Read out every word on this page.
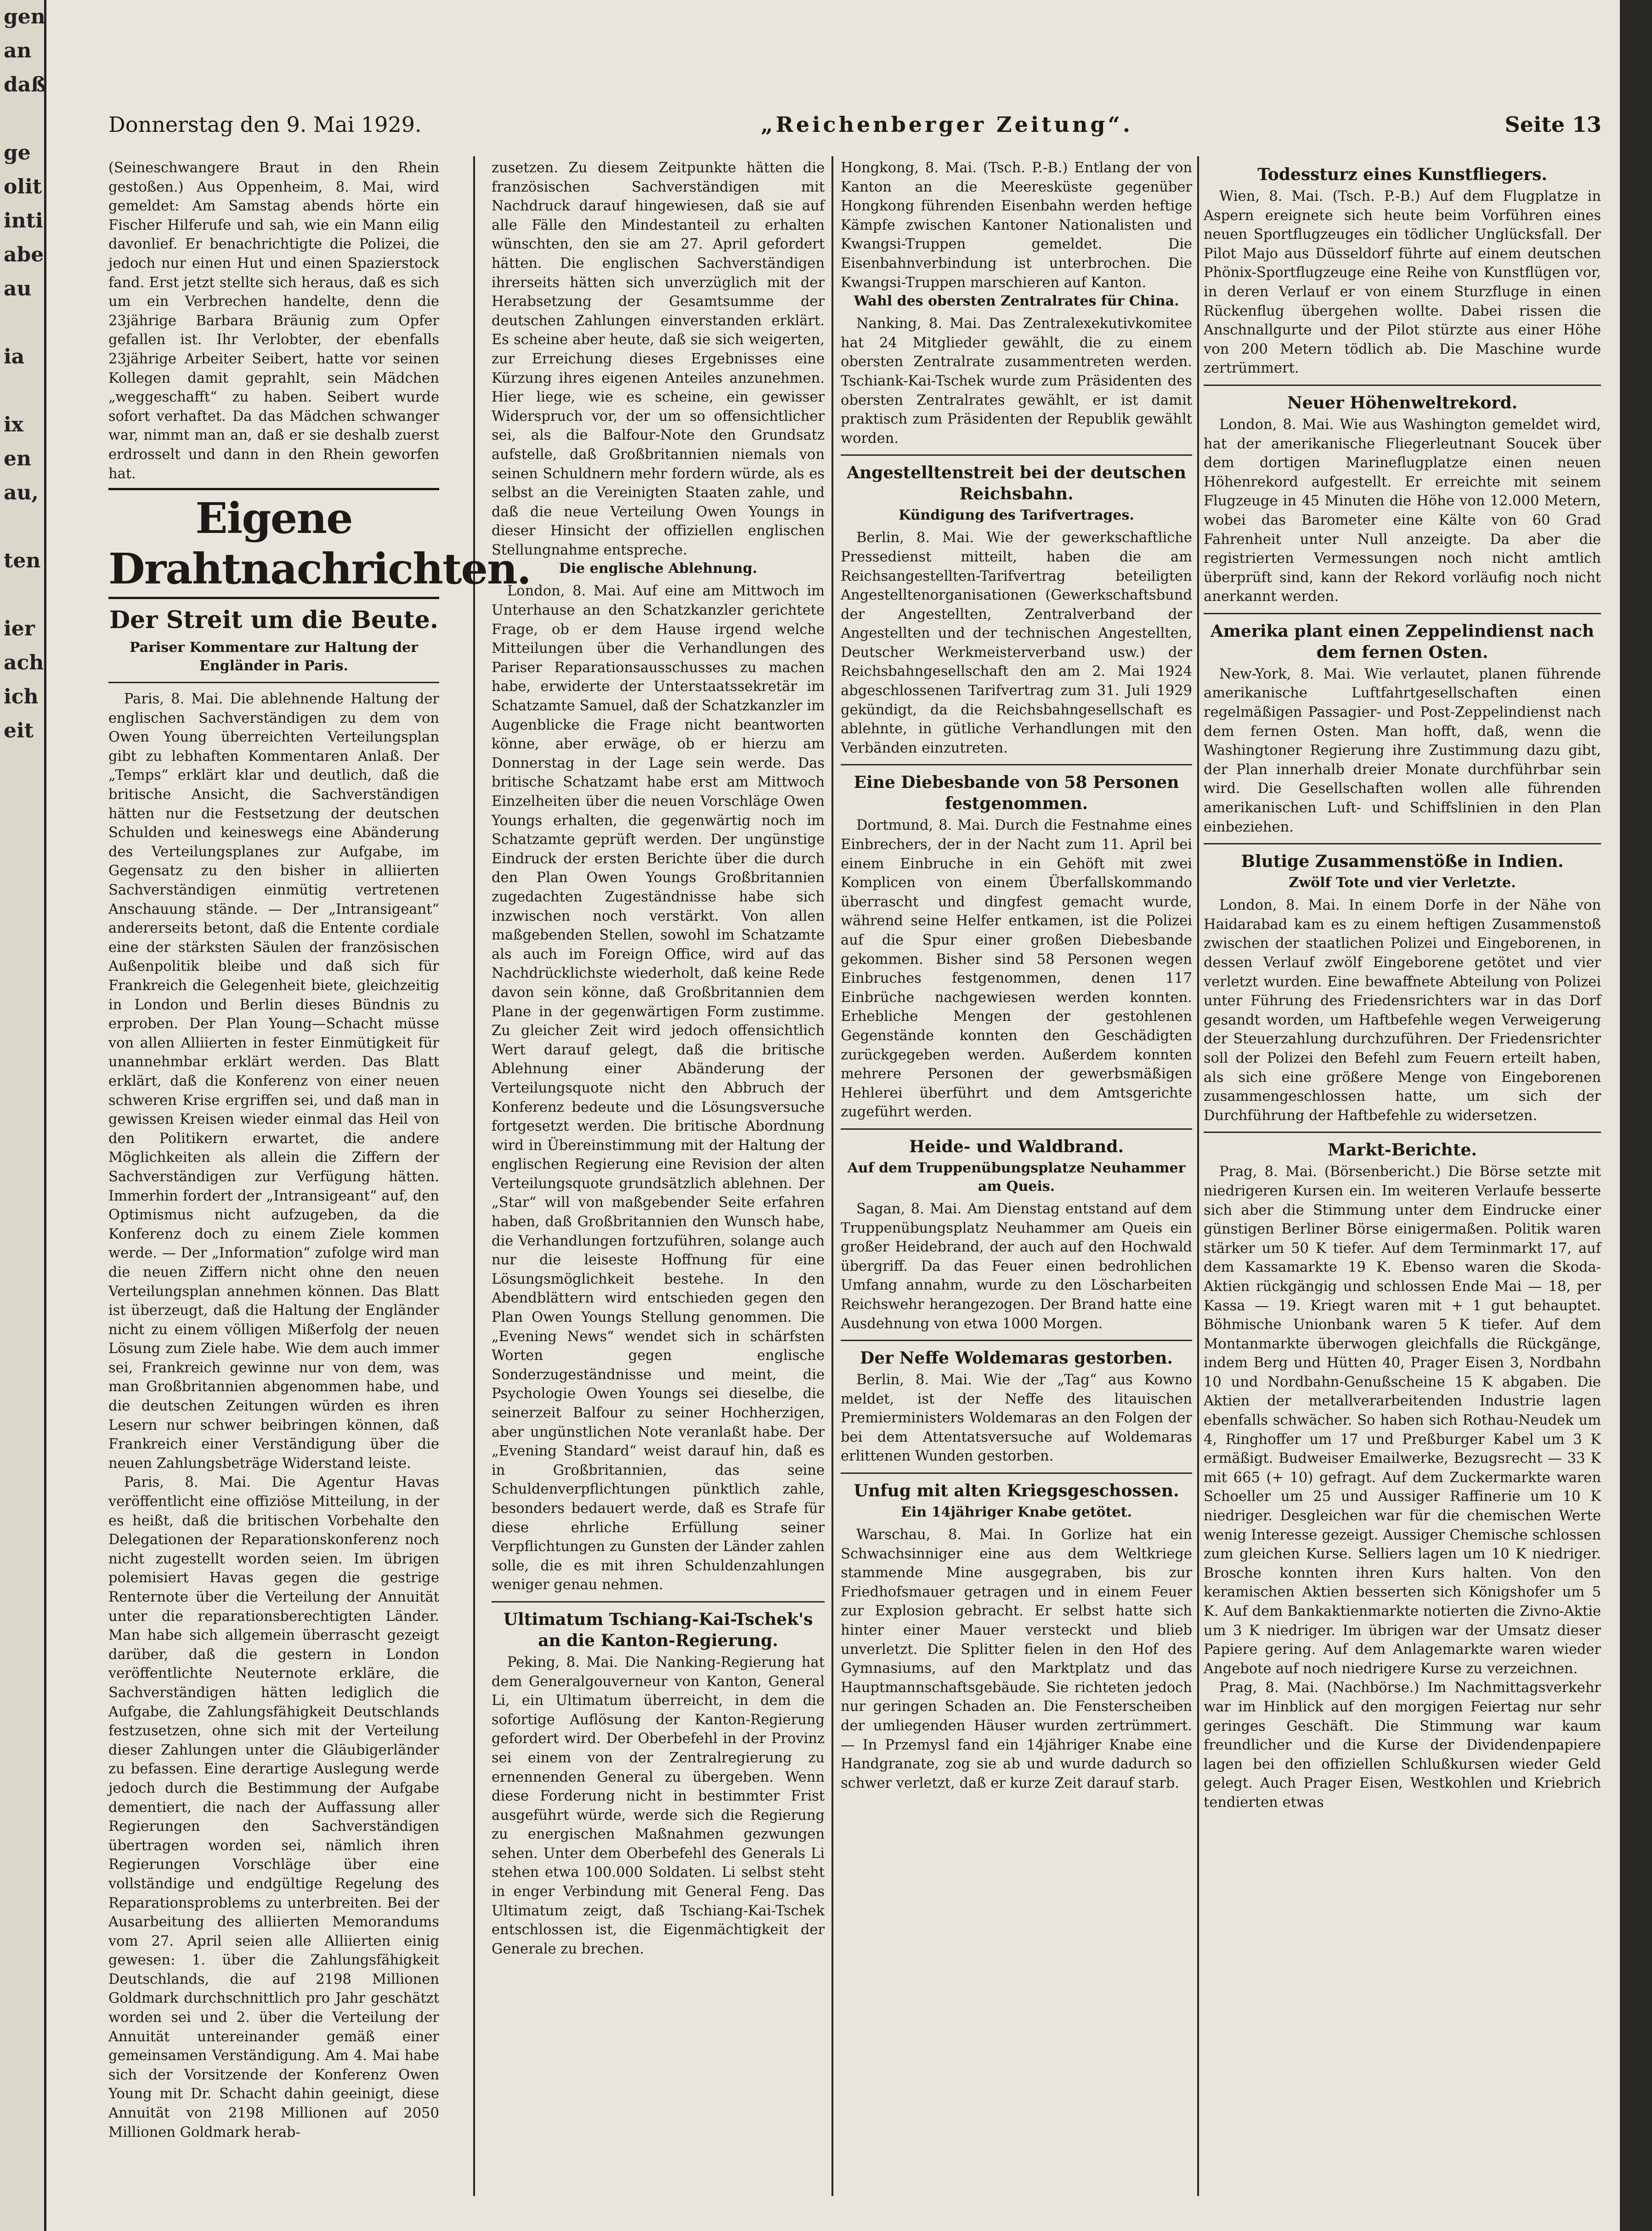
gen
an
daß

ge
olit
inti
abe
au

ia

ix
en
au,

ten

ier
ach
ich
eit
Donnerstag den 9. Mai 1929.	„Reichenberger Zeitung“.	Seite 13

(Seineschwangere Braut in den Rhein gestoßen.) Aus Oppenheim, 8. Mai, wird gemeldet: Am Samstag abends hörte ein Fischer Hilferufe und sah, wie ein Mann eilig davonlief. Er benachrichtigte die Polizei, die jedoch nur einen Hut und einen Spazierstock fand. Erst jetzt stellte sich heraus, daß es sich um ein Verbrechen handelte, denn die 23jährige Barbara Bräunig zum Opfer gefallen ist. Ihr Verlobter, der ebenfalls 23jährige Arbeiter Seibert, hatte vor seinen Kollegen damit geprahlt, sein Mädchen „weggeschafft“ zu haben. Seibert wurde sofort verhaftet. Da das Mädchen schwanger war, nimmt man an, daß er sie deshalb zuerst erdrosselt und dann in den Rhein geworfen hat.

Eigene Drahtnachrichten.
Der Streit um die Beute.
Pariser Kommentare zur Haltung der Engländer in Paris.

Paris, 8. Mai. Die ablehnende Haltung der englischen Sachverständigen zu dem von Owen Young überreichten Verteilungsplan gibt zu lebhaften Kommentaren Anlaß. Der „Temps“ erklärt klar und deutlich, daß die britische Ansicht, die Sachverständigen hätten nur die Festsetzung der deutschen Schulden und keineswegs eine Abänderung des Verteilungsplanes zur Aufgabe, im Gegensatz zu den bisher in alliierten Sachverständigen einmütig vertretenen Anschauung stände. — Der „Intransigeant“ andererseits betont, daß die Entente cordiale eine der stärksten Säulen der französischen Außenpolitik bleibe und daß sich für Frankreich die Gelegenheit biete, gleichzeitig in London und Berlin dieses Bündnis zu erproben. Der Plan Young—Schacht müsse von allen Alliierten in fester Einmütigkeit für unannehmbar erklärt werden. Das Blatt erklärt, daß die Konferenz von einer neuen schweren Krise ergriffen sei, und daß man in gewissen Kreisen wieder einmal das Heil von den Politikern erwartet, die andere Möglichkeiten als allein die Ziffern der Sachverständigen zur Verfügung hätten. Immerhin fordert der „Intransigeant“ auf, den Optimismus nicht aufzugeben, da die Konferenz doch zu einem Ziele kommen werde. — Der „Information“ zufolge wird man die neuen Ziffern nicht ohne den neuen Verteilungsplan annehmen können. Das Blatt ist überzeugt, daß die Haltung der Engländer nicht zu einem völligen Mißerfolg der neuen Lösung zum Ziele habe. Wie dem auch immer sei, Frankreich gewinne nur von dem, was man Großbritannien abgenommen habe, und die deutschen Zeitungen würden es ihren Lesern nur schwer beibringen können, daß Frankreich einer Verständigung über die neuen Zahlungsbeträge Widerstand leiste.

Paris, 8. Mai. Die Agentur Havas veröffentlicht eine offiziöse Mitteilung, in der es heißt, daß die britischen Vorbehalte den Delegationen der Reparationskonferenz noch nicht zugestellt worden seien. Im übrigen polemisiert Havas gegen die gestrige Renternote über die Verteilung der Annuität unter die reparationsberechtigten Länder. Man habe sich allgemein überrascht gezeigt darüber, daß die gestern in London veröffentlichte Neuternote erkläre, die Sachverständigen hätten lediglich die Aufgabe, die Zahlungsfähigkeit Deutschlands festzusetzen, ohne sich mit der Verteilung dieser Zahlungen unter die Gläubigerländer zu befassen. Eine derartige Auslegung werde jedoch durch die Bestimmung der Aufgabe dementiert, die nach der Auffassung aller Regierungen den Sachverständigen übertragen worden sei, nämlich ihren Regierungen Vorschläge über eine vollständige und endgültige Regelung des Reparationsproblems zu unterbreiten. Bei der Ausarbeitung des alliierten Memorandums vom 27. April seien alle Alliierten einig gewesen: 1. über die Zahlungsfähigkeit Deutschlands, die auf 2198 Millionen Goldmark durchschnittlich pro Jahr geschätzt worden sei und 2. über die Verteilung der Annuität untereinander gemäß einer gemeinsamen Verständigung. Am 4. Mai habe sich der Vorsitzende der Konferenz Owen Young mit Dr. Schacht dahin geeinigt, diese Annuität von 2198 Millionen auf 2050 Millionen Goldmark herab-

zusetzen. Zu diesem Zeitpunkte hätten die französischen Sachverständigen mit Nachdruck darauf hingewiesen, daß sie auf alle Fälle den Mindestanteil zu erhalten wünschten, den sie am 27. April gefordert hätten. Die englischen Sachverständigen ihrerseits hätten sich unverzüglich mit der Herabsetzung der Gesamtsumme der deutschen Zahlungen einverstanden erklärt. Es scheine aber heute, daß sie sich weigerten, zur Erreichung dieses Ergebnisses eine Kürzung ihres eigenen Anteiles anzunehmen. Hier liege, wie es scheine, ein gewisser Widerspruch vor, der um so offensichtlicher sei, als die Balfour-Note den Grundsatz aufstelle, daß Großbritannien niemals von seinen Schuldnern mehr fordern würde, als es selbst an die Vereinigten Staaten zahle, und daß die neue Verteilung Owen Youngs in dieser Hinsicht der offiziellen englischen Stellungnahme entspreche.

Die englische Ablehnung.

London, 8. Mai. Auf eine am Mittwoch im Unterhause an den Schatzkanzler gerichtete Frage, ob er dem Hause irgend welche Mitteilungen über die Verhandlungen des Pariser Reparationsausschusses zu machen habe, erwiderte der Unterstaatssekretär im Schatzamte Samuel, daß der Schatzkanzler im Augenblicke die Frage nicht beantworten könne, aber erwäge, ob er hierzu am Donnerstag in der Lage sein werde. Das britische Schatzamt habe erst am Mittwoch Einzelheiten über die neuen Vorschläge Owen Youngs erhalten, die gegenwärtig noch im Schatzamte geprüft werden. Der ungünstige Eindruck der ersten Berichte über die durch den Plan Owen Youngs Großbritannien zugedachten Zugeständnisse habe sich inzwischen noch verstärkt. Von allen maßgebenden Stellen, sowohl im Schatzamte als auch im Foreign Office, wird auf das Nachdrücklichste wiederholt, daß keine Rede davon sein könne, daß Großbritannien dem Plane in der gegenwärtigen Form zustimme. Zu gleicher Zeit wird jedoch offensichtlich Wert darauf gelegt, daß die britische Ablehnung einer Abänderung der Verteilungsquote nicht den Abbruch der Konferenz bedeute und die Lösungsversuche fortgesetzt werden. Die britische Abordnung wird in Übereinstimmung mit der Haltung der englischen Regierung eine Revision der alten Verteilungsquote grundsätzlich ablehnen. Der „Star“ will von maßgebender Seite erfahren haben, daß Großbritannien den Wunsch habe, die Verhandlungen fortzuführen, solange auch nur die leiseste Hoffnung für eine Lösungsmöglichkeit bestehe. In den Abendblättern wird entschieden gegen den Plan Owen Youngs Stellung genommen. Die „Evening News“ wendet sich in schärfsten Worten gegen englische Sonderzugeständnisse und meint, die Psychologie Owen Youngs sei dieselbe, die seinerzeit Balfour zu seiner Hochherzigen, aber ungünstlichen Note veranlaßt habe. Der „Evening Standard“ weist darauf hin, daß es in Großbritannien, das seine Schuldenverpflichtungen pünktlich zahle, besonders bedauert werde, daß es Strafe für diese ehrliche Erfüllung seiner Verpflichtungen zu Gunsten der Länder zahlen solle, die es mit ihren Schuldenzahlungen weniger genau nehmen.

Ultimatum Tschiang-Kai-Tschek's an die Kanton-Regierung.

Peking, 8. Mai. Die Nanking-Regierung hat dem Generalgouverneur von Kanton, General Li, ein Ultimatum überreicht, in dem die sofortige Auflösung der Kanton-Regierung gefordert wird. Der Oberbefehl in der Provinz sei einem von der Zentralregierung zu ernennenden General zu übergeben. Wenn diese Forderung nicht in bestimmter Frist ausgeführt würde, werde sich die Regierung zu energischen Maßnahmen gezwungen sehen. Unter dem Oberbefehl des Generals Li stehen etwa 100.000 Soldaten. Li selbst steht in enger Verbindung mit General Feng. Das Ultimatum zeigt, daß Tschiang-Kai-Tschek entschlossen ist, die Eigenmächtigkeit der Generale zu brechen.

Hongkong, 8. Mai. (Tsch. P.-B.) Entlang der von Kanton an die Meeresküste gegenüber Hongkong führenden Eisenbahn werden heftige Kämpfe zwischen Kantoner Nationalisten und Kwangsi-Truppen gemeldet. Die Eisenbahnverbindung ist unterbrochen. Die Kwangsi-Truppen marschieren auf Kanton.

Wahl des obersten Zentralrates für China.

Nanking, 8. Mai. Das Zentralexekutivkomitee hat 24 Mitglieder gewählt, die zu einem obersten Zentralrate zusammentreten werden. Tschiank-Kai-Tschek wurde zum Präsidenten des obersten Zentralrates gewählt, er ist damit praktisch zum Präsidenten der Republik gewählt worden.

Angestelltenstreit bei der deutschen Reichsbahn.
Kündigung des Tarifvertrages.

Berlin, 8. Mai. Wie der gewerkschaftliche Pressedienst mitteilt, haben die am Reichsangestellten-Tarifvertrag beteiligten Angestelltenorganisationen (Gewerkschaftsbund der Angestellten, Zentralverband der Angestellten und der technischen Angestellten, Deutscher Werkmeisterverband usw.) der Reichsbahngesellschaft den am 2. Mai 1924 abgeschlossenen Tarifvertrag zum 31. Juli 1929 gekündigt, da die Reichsbahngesellschaft es ablehnte, in gütliche Verhandlungen mit den Verbänden einzutreten.

Eine Diebesbande von 58 Personen festgenommen.

Dortmund, 8. Mai. Durch die Festnahme eines Einbrechers, der in der Nacht zum 11. April bei einem Einbruche in ein Gehöft mit zwei Komplicen von einem Überfallskommando überrascht und dingfest gemacht wurde, während seine Helfer entkamen, ist die Polizei auf die Spur einer großen Diebesbande gekommen. Bisher sind 58 Personen wegen Einbruches festgenommen, denen 117 Einbrüche nachgewiesen werden konnten. Erhebliche Mengen der gestohlenen Gegenstände konnten den Geschädigten zurückgegeben werden. Außerdem konnten mehrere Personen der gewerbsmäßigen Hehlerei überführt und dem Amtsgerichte zugeführt werden.

Heide- und Waldbrand.
Auf dem Truppenübungsplatze Neuhammer am Queis.

Sagan, 8. Mai. Am Dienstag entstand auf dem Truppenübungsplatz Neuhammer am Queis ein großer Heidebrand, der auch auf den Hochwald übergriff. Da das Feuer einen bedrohlichen Umfang annahm, wurde zu den Löscharbeiten Reichswehr herangezogen. Der Brand hatte eine Ausdehnung von etwa 1000 Morgen.

Der Neffe Woldemaras gestorben.

Berlin, 8. Mai. Wie der „Tag“ aus Kowno meldet, ist der Neffe des litauischen Premierministers Woldemaras an den Folgen der bei dem Attentatsversuche auf Woldemaras erlittenen Wunden gestorben.

Unfug mit alten Kriegsgeschossen.
Ein 14jähriger Knabe getötet.

Warschau, 8. Mai. In Gorlize hat ein Schwachsinniger eine aus dem Weltkriege stammende Mine ausgegraben, bis zur Friedhofsmauer getragen und in einem Feuer zur Explosion gebracht. Er selbst hatte sich hinter einer Mauer versteckt und blieb unverletzt. Die Splitter fielen in den Hof des Gymnasiums, auf den Marktplatz und das Hauptmannschaftsgebäude. Sie richteten jedoch nur geringen Schaden an. Die Fensterscheiben der umliegenden Häuser wurden zertrümmert. — In Przemysl fand ein 14jähriger Knabe eine Handgranate, zog sie ab und wurde dadurch so schwer verletzt, daß er kurze Zeit darauf starb.

Todessturz eines Kunstfliegers.

Wien, 8. Mai. (Tsch. P.-B.) Auf dem Flugplatze in Aspern ereignete sich heute beim Vorführen eines neuen Sportflugzeuges ein tödlicher Unglücksfall. Der Pilot Majo aus Düsseldorf führte auf einem deutschen Phönix-Sportflugzeuge eine Reihe von Kunstflügen vor, in deren Verlauf er von einem Sturzfluge in einen Rückenflug übergehen wollte. Dabei rissen die Anschnallgurte und der Pilot stürzte aus einer Höhe von 200 Metern tödlich ab. Die Maschine wurde zertrümmert.

Neuer Höhenweltrekord.

London, 8. Mai. Wie aus Washington gemeldet wird, hat der amerikanische Fliegerleutnant Soucek über dem dortigen Marineflugplatze einen neuen Höhenrekord aufgestellt. Er erreichte mit seinem Flugzeuge in 45 Minuten die Höhe von 12.000 Metern, wobei das Barometer eine Kälte von 60 Grad Fahrenheit unter Null anzeigte. Da aber die registrierten Vermessungen noch nicht amtlich überprüft sind, kann der Rekord vorläufig noch nicht anerkannt werden.

Amerika plant einen Zeppelindienst nach dem fernen Osten.

New-York, 8. Mai. Wie verlautet, planen führende amerikanische Luftfahrtgesellschaften einen regelmäßigen Passagier- und Post-Zeppelindienst nach dem fernen Osten. Man hofft, daß, wenn die Washingtoner Regierung ihre Zustimmung dazu gibt, der Plan innerhalb dreier Monate durchführbar sein wird. Die Gesellschaften wollen alle führenden amerikanischen Luft- und Schiffslinien in den Plan einbeziehen.

Blutige Zusammenstöße in Indien.
Zwölf Tote und vier Verletzte.

London, 8. Mai. In einem Dorfe in der Nähe von Haidarabad kam es zu einem heftigen Zusammenstoß zwischen der staatlichen Polizei und Eingeborenen, in dessen Verlauf zwölf Eingeborene getötet und vier verletzt wurden. Eine bewaffnete Abteilung von Polizei unter Führung des Friedensrichters war in das Dorf gesandt worden, um Haftbefehle wegen Verweigerung der Steuerzahlung durchzuführen. Der Friedensrichter soll der Polizei den Befehl zum Feuern erteilt haben, als sich eine größere Menge von Eingeborenen zusammengeschlossen hatte, um sich der Durchführung der Haftbefehle zu widersetzen.

Markt-Berichte.

Prag, 8. Mai. (Börsenbericht.) Die Börse setzte mit niedrigeren Kursen ein. Im weiteren Verlaufe besserte sich aber die Stimmung unter dem Eindrucke einer günstigen Berliner Börse einigermaßen. Politik waren stärker um 50 K tiefer. Auf dem Terminmarkt 17, auf dem Kassamarkte 19 K. Ebenso waren die Skoda-Aktien rückgängig und schlossen Ende Mai — 18, per Kassa — 19. Kriegt waren mit + 1 gut behauptet. Böhmische Unionbank waren 5 K tiefer. Auf dem Montanmarkte überwogen gleichfalls die Rückgänge, indem Berg und Hütten 40, Prager Eisen 3, Nordbahn 10 und Nordbahn-Genußscheine 15 K abgaben. Die Aktien der metallverarbeitenden Industrie lagen ebenfalls schwächer. So haben sich Rothau-Neudek um 4, Ringhoffer um 17 und Preßburger Kabel um 3 K ermäßigt. Budweiser Emailwerke, Bezugsrecht — 33 K mit 665 (+ 10) gefragt. Auf dem Zuckermarkte waren Schoeller um 25 und Aussiger Raffinerie um 10 K niedriger. Desgleichen war für die chemischen Werte wenig Interesse gezeigt. Aussiger Chemische schlossen zum gleichen Kurse. Selliers lagen um 10 K niedriger. Brosche konnten ihren Kurs halten. Von den keramischen Aktien besserten sich Königshofer um 5 K. Auf dem Bankaktienmarkte notierten die Zivno-Aktie um 3 K niedriger. Im übrigen war der Umsatz dieser Papiere gering. Auf dem Anlagemarkte waren wieder Angebote auf noch niedrigere Kurse zu verzeichnen.

Prag, 8. Mai. (Nachbörse.) Im Nachmittagsverkehr war im Hinblick auf den morgigen Feiertag nur sehr geringes Geschäft. Die Stimmung war kaum freundlicher und die Kurse der Dividendenpapiere lagen bei den offiziellen Schlußkursen wieder Geld gelegt. Auch Prager Eisen, Westkohlen und Kriebrich tendierten etwas
